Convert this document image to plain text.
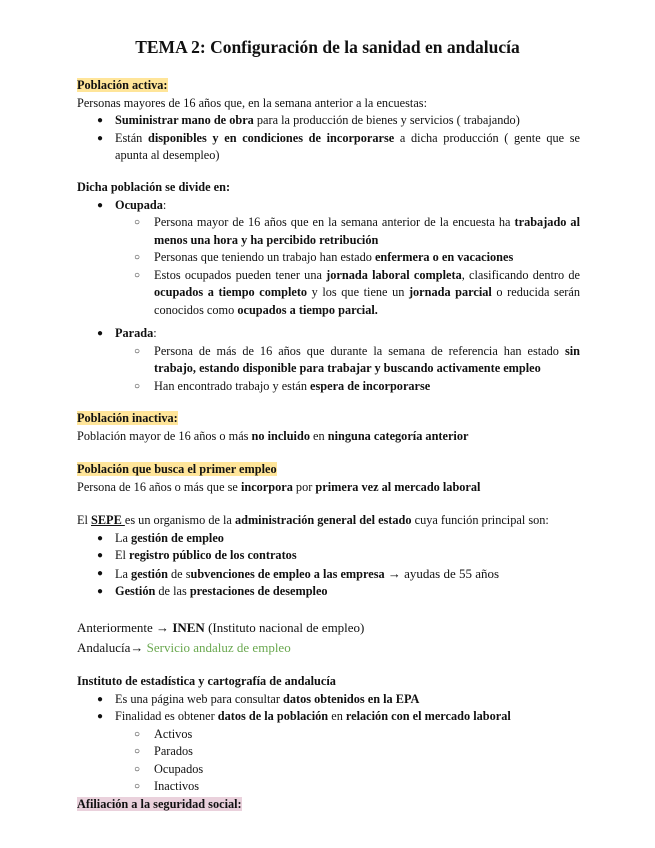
TEMA 2: Configuración de la sanidad en andalucía
Población activa:
Personas mayores de 16 años que, en la semana anterior a la encuestas:
● Suministrar mano de obra para la producción de bienes y servicios ( trabajando)
● Están disponibles y en condiciones de incorporarse a dicha producción ( gente que se apunta al desempleo)
Dicha población se divide en:
● Ocupada:
○ Persona mayor de 16 años que en la semana anterior de la encuesta ha trabajado al menos una hora y ha percibido retribución
○ Personas que teniendo un trabajo han estado enfermera o en vacaciones
○ Estos ocupados pueden tener una jornada laboral completa, clasificando dentro de ocupados a tiempo completo y los que tiene un jornada parcial o reducida serán conocidos como ocupados a tiempo parcial.
● Parada:
○ Persona de más de 16 años que durante la semana de referencia han estado sin trabajo, estando disponible para trabajar y buscando activamente empleo
○ Han encontrado trabajo y están espera de incorporarse
Población inactiva:
Población mayor de 16 años o más no incluido en ninguna categoría anterior
Población que busca el primer empleo
Persona de 16 años o más que se incorpora por primera vez al mercado laboral
El SEPE es un organismo de la administración general del estado cuya función principal son:
● La gestión de empleo
● El registro público de los contratos
● La gestión de subvenciones de empleo a las empresa → ayudas de 55 años
● Gestión de las prestaciones de desempleo
Anteriormente → INEN (Instituto nacional de empleo)
Andalucía→ Servicio andaluz de empleo
Instituto de estadística y cartografía de andalucía
● Es una página web para consultar datos obtenidos en la EPA
● Finalidad es obtener datos de la población en relación con el mercado laboral
○ Activos
○ Parados
○ Ocupados
○ Inactivos
Afiliación a la seguridad social:
